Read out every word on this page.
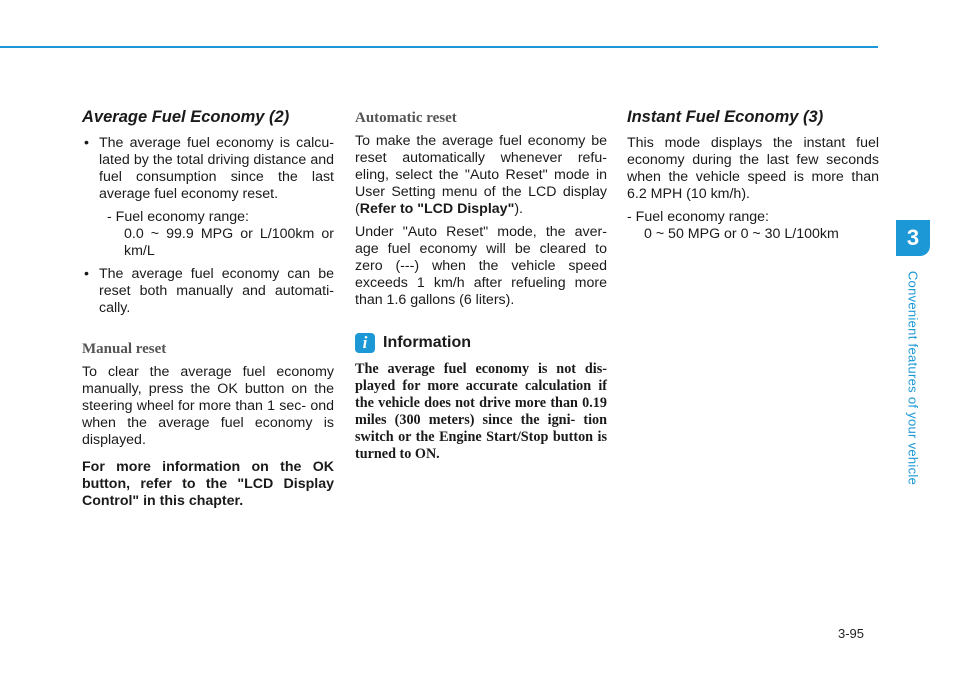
Average Fuel Economy (2)
• The average fuel economy is calcu- lated by the total driving distance and fuel consumption since the last average fuel economy reset.
- Fuel economy range:
0.0 ~ 99.9 MPG or L/100km or km/L
• The average fuel economy can be reset both manually and automati- cally.
Manual reset

To clear the average fuel economy manually, press the OK button on the steering wheel for more than 1 sec- ond when the average fuel economy is displayed.

For more information on the OK button, refer to the "LCD Display Control" in this chapter.

Automatic reset

To make the average fuel economy be reset automatically whenever refu- eling, select the "Auto Reset" mode in User Setting menu of the LCD display (Refer to "LCD Display").

Under "Auto Reset" mode, the aver- age fuel economy will be cleared to zero (---) when the vehicle speed exceeds 1 km/h after refueling more than 1.6 gallons (6 liters).

i Information

The average fuel economy is not dis- played for more accurate calculation if the vehicle does not drive more than 0.19 miles (300 meters) since the igni- tion switch or the Engine Start/Stop button is turned to ON.

Instant Fuel Economy (3)

This mode displays the instant fuel economy during the last few seconds when the vehicle speed is more than 6.2 MPH (10 km/h).

- Fuel economy range:
0 ~ 50 MPG or 0 ~ 30 L/100km	3
Convenient features of your vehicle
3-95
